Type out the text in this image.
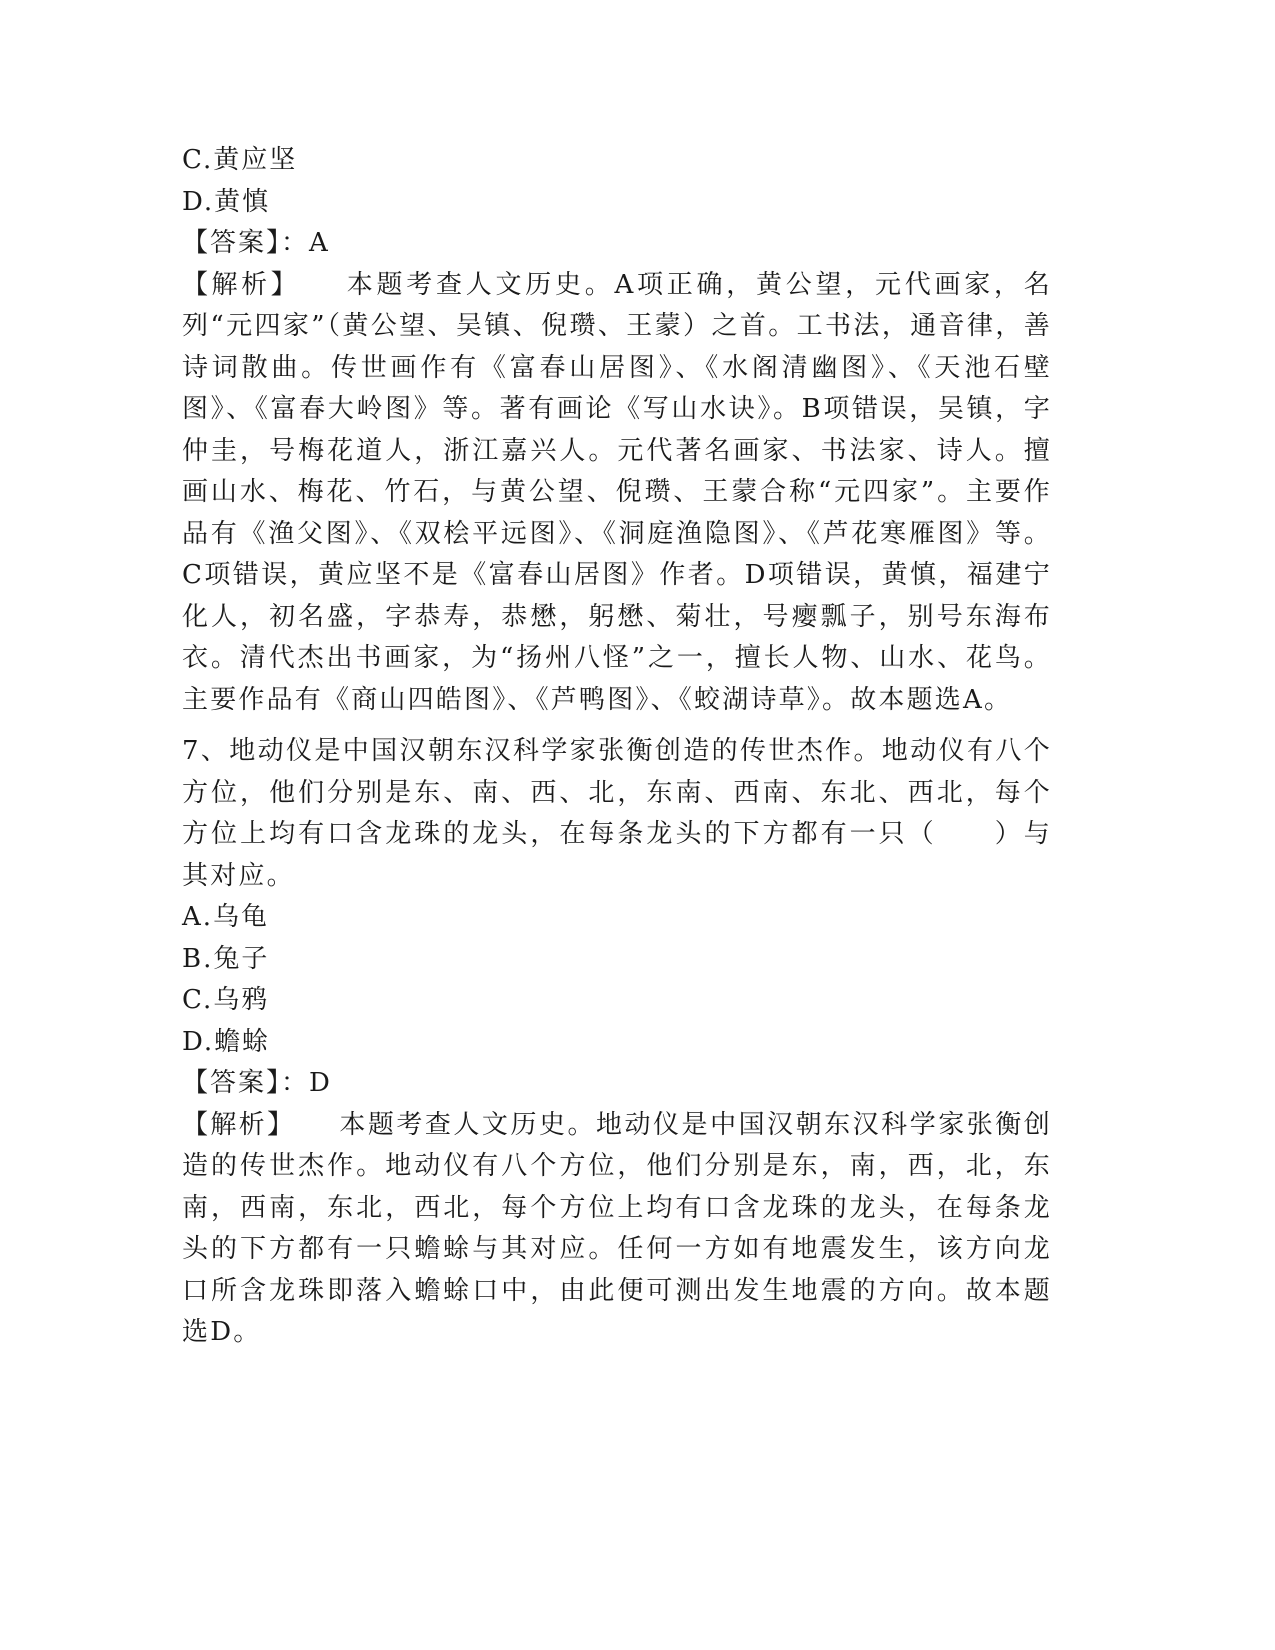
C.黄应坚
D.黄慎
【答案】：A

【解析】　　 本题考查人文历史。A项正确，黄公望，元代画家，名列“元四家”（黄公望、吴镇、倪瓒、王蒙）之首。工书法，通音律，善诗词散曲。传世画作有《富春山居图》、《水阁清幽图》、《天池石壁图》、《富春大岭图》等。著有画论《写山水诀》。B项错误，吴镇，字仲圭，号梅花道人，浙江嘉兴人。元代著名画家、书法家、诗人。擅画山水、梅花、竹石，与黄公望、倪瓒、王蒙合称“元四家”。主要作品有《渔父图》、《双桧平远图》、《洞庭渔隐图》、《芦花寒雁图》等。C项错误，黄应坚不是《富春山居图》作者。D项错误，黄慎，福建宁化人，初名盛，字恭寿，恭懋，躬懋、菊壮，号瘿瓢子，别号东海布衣。清代杰出书画家，为“扬州八怪”之一，擅长人物、山水、花鸟。主要作品有《商山四皓图》、《芦鸭图》、《蛟湖诗草》。故本题选A。

7、地动仪是中国汉朝东汉科学家张衡创造的传世杰作。地动仪有八个方位，他们分别是东、南、西、北，东南、西南、东北、西北，每个方位上均有口含龙珠的龙头，在每条龙头的下方都有一只（　　）与其对应。

A.乌龟
B.兔子
C.乌鸦
D.蟾蜍
【答案】：D

【解析】　　 本题考查人文历史。地动仪是中国汉朝东汉科学家张衡创造的传世杰作。地动仪有八个方位，他们分别是东，南，西，北，东南，西南，东北，西北，每个方位上均有口含龙珠的龙头，在每条龙头的下方都有一只蟾蜍与其对应。任何一方如有地震发生，该方向龙口所含龙珠即落入蟾蜍口中，由此便可测出发生地震的方向。故本题选D。
